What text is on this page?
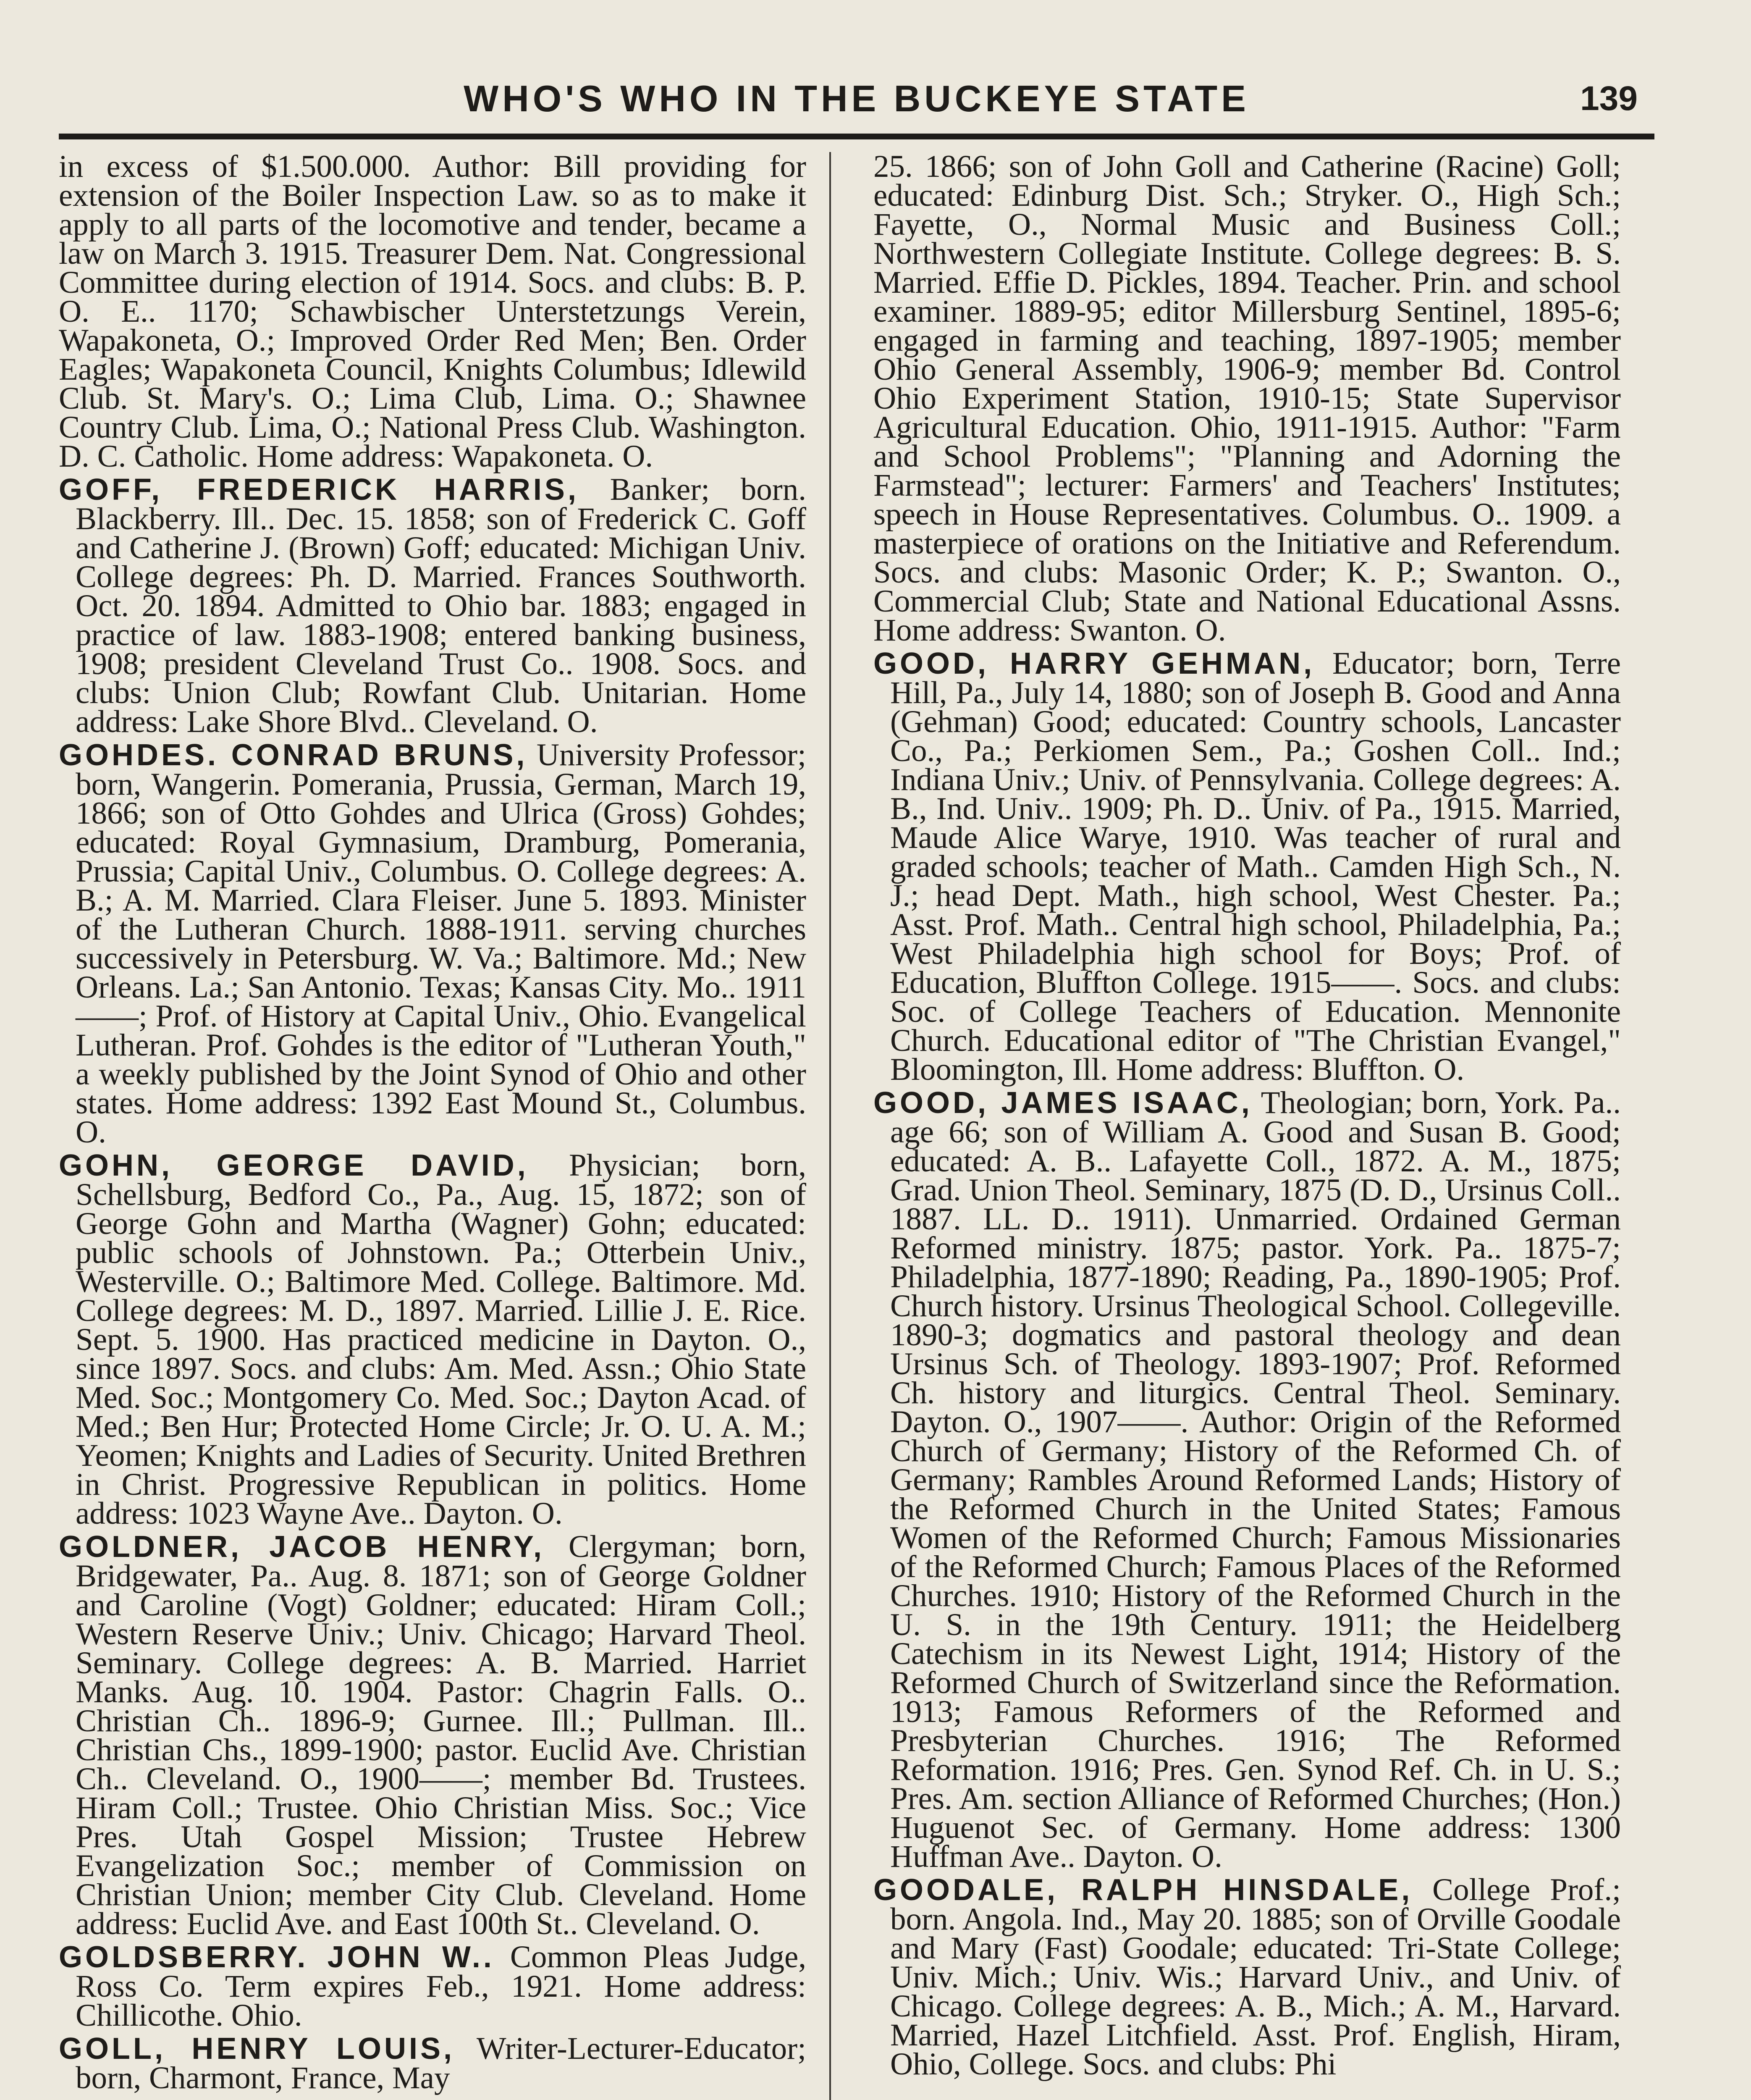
WHO'S WHO IN THE BUCKEYE STATE	139

in excess of $1.500.000. Author: Bill providing for extension of the Boiler Inspection Law. so as to make it apply to all parts of the locomotive and tender, became a law on March 3. 1915. Treasurer Dem. Nat. Congressional Committee during election of 1914. Socs. and clubs: B. P. O. E.. 1170; Schawbischer Unterstetzungs Verein, Wapakoneta, O.; Improved Order Red Men; Ben. Order Eagles; Wapakoneta Council, Knights Columbus; Idlewild Club. St. Mary's. O.; Lima Club, Lima. O.; Shawnee Country Club. Lima, O.; National Press Club. Washington. D. C. Catholic. Home address: Wapakoneta. O.

GOFF, FREDERICK HARRIS, Banker; born. Blackberry. Ill.. Dec. 15. 1858; son of Frederick C. Goff and Catherine J. (Brown) Goff; educated: Michigan Univ. College degrees: Ph. D. Married. Frances Southworth. Oct. 20. 1894. Admitted to Ohio bar. 1883; engaged in practice of law. 1883-1908; entered banking business, 1908; president Cleveland Trust Co.. 1908. Socs. and clubs: Union Club; Rowfant Club. Unitarian. Home address: Lake Shore Blvd.. Cleveland. O.

GOHDES. CONRAD BRUNS, University Professor; born, Wangerin. Pomerania, Prussia, German, March 19, 1866; son of Otto Gohdes and Ulrica (Gross) Gohdes; educated: Royal Gymnasium, Dramburg, Pomerania, Prussia; Capital Univ., Columbus. O. College degrees: A. B.; A. M. Married. Clara Fleiser. June 5. 1893. Minister of the Lutheran Church. 1888-1911. serving churches successively in Petersburg. W. Va.; Baltimore. Md.; New Orleans. La.; San Antonio. Texas; Kansas City. Mo.. 1911——; Prof. of History at Capital Univ., Ohio. Evangelical Lutheran. Prof. Gohdes is the editor of "Lutheran Youth," a weekly published by the Joint Synod of Ohio and other states. Home address: 1392 East Mound St., Columbus. O.

GOHN, GEORGE DAVID, Physician; born, Schellsburg, Bedford Co., Pa., Aug. 15, 1872; son of George Gohn and Martha (Wagner) Gohn; educated: public schools of Johnstown. Pa.; Otterbein Univ., Westerville. O.; Baltimore Med. College. Baltimore. Md. College degrees: M. D., 1897. Married. Lillie J. E. Rice. Sept. 5. 1900. Has practiced medicine in Dayton. O., since 1897. Socs. and clubs: Am. Med. Assn.; Ohio State Med. Soc.; Montgomery Co. Med. Soc.; Dayton Acad. of Med.; Ben Hur; Protected Home Circle; Jr. O. U. A. M.; Yeomen; Knights and Ladies of Security. United Brethren in Christ. Progressive Republican in politics. Home address: 1023 Wayne Ave.. Dayton. O.

GOLDNER, JACOB HENRY, Clergyman; born, Bridgewater, Pa.. Aug. 8. 1871; son of George Goldner and Caroline (Vogt) Goldner; educated: Hiram Coll.; Western Reserve Univ.; Univ. Chicago; Harvard Theol. Seminary. College degrees: A. B. Married. Harriet Manks. Aug. 10. 1904. Pastor: Chagrin Falls. O.. Christian Ch.. 1896-9; Gurnee. Ill.; Pullman. Ill.. Christian Chs., 1899-1900; pastor. Euclid Ave. Christian Ch.. Cleveland. O., 1900——; member Bd. Trustees. Hiram Coll.; Trustee. Ohio Christian Miss. Soc.; Vice Pres. Utah Gospel Mission; Trustee Hebrew Evangelization Soc.; member of Commission on Christian Union; member City Club. Cleveland. Home address: Euclid Ave. and East 100th St.. Cleveland. O.

GOLDSBERRY. JOHN W.. Common Pleas Judge, Ross Co. Term expires Feb., 1921. Home address: Chillicothe. Ohio.

GOLL, HENRY LOUIS, Writer-Lecturer-Educator; born, Charmont, France, May

25. 1866; son of John Goll and Catherine (Racine) Goll; educated: Edinburg Dist. Sch.; Stryker. O., High Sch.; Fayette, O., Normal Music and Business Coll.; Northwestern Collegiate Institute. College degrees: B. S. Married. Effie D. Pickles, 1894. Teacher. Prin. and school examiner. 1889-95; editor Millersburg Sentinel, 1895-6; engaged in farming and teaching, 1897-1905; member Ohio General Assembly, 1906-9; member Bd. Control Ohio Experiment Station, 1910-15; State Supervisor Agricultural Education. Ohio, 1911-1915. Author: "Farm and School Problems"; "Planning and Adorning the Farmstead"; lecturer: Farmers' and Teachers' Institutes; speech in House Representatives. Columbus. O.. 1909. a masterpiece of orations on the Initiative and Referendum. Socs. and clubs: Masonic Order; K. P.; Swanton. O., Commercial Club; State and National Educational Assns. Home address: Swanton. O.

GOOD, HARRY GEHMAN, Educator; born, Terre Hill, Pa., July 14, 1880; son of Joseph B. Good and Anna (Gehman) Good; educated: Country schools, Lancaster Co., Pa.; Perkiomen Sem., Pa.; Goshen Coll.. Ind.; Indiana Univ.; Univ. of Pennsylvania. College degrees: A. B., Ind. Univ.. 1909; Ph. D.. Univ. of Pa., 1915. Married, Maude Alice Warye, 1910. Was teacher of rural and graded schools; teacher of Math.. Camden High Sch., N. J.; head Dept. Math., high school, West Chester. Pa.; Asst. Prof. Math.. Central high school, Philadelphia, Pa.; West Philadelphia high school for Boys; Prof. of Education, Bluffton College. 1915——. Socs. and clubs: Soc. of College Teachers of Education. Mennonite Church. Educational editor of "The Christian Evangel," Bloomington, Ill. Home address: Bluffton. O.

GOOD, JAMES ISAAC, Theologian; born, York. Pa.. age 66; son of William A. Good and Susan B. Good; educated: A. B.. Lafayette Coll., 1872. A. M., 1875; Grad. Union Theol. Seminary, 1875 (D. D., Ursinus Coll.. 1887. LL. D.. 1911). Unmarried. Ordained German Reformed ministry. 1875; pastor. York. Pa.. 1875-7; Philadelphia, 1877-1890; Reading, Pa., 1890-1905; Prof. Church history. Ursinus Theological School. Collegeville. 1890-3; dogmatics and pastoral theology and dean Ursinus Sch. of Theology. 1893-1907; Prof. Reformed Ch. history and liturgics. Central Theol. Seminary. Dayton. O., 1907——. Author: Origin of the Reformed Church of Germany; History of the Reformed Ch. of Germany; Rambles Around Reformed Lands; History of the Reformed Church in the United States; Famous Women of the Reformed Church; Famous Missionaries of the Reformed Church; Famous Places of the Reformed Churches. 1910; History of the Reformed Church in the U. S. in the 19th Century. 1911; the Heidelberg Catechism in its Newest Light, 1914; History of the Reformed Church of Switzerland since the Reformation. 1913; Famous Reformers of the Reformed and Presbyterian Churches. 1916; The Reformed Reformation. 1916; Pres. Gen. Synod Ref. Ch. in U. S.; Pres. Am. section Alliance of Reformed Churches; (Hon.) Huguenot Sec. of Germany. Home address: 1300 Huffman Ave.. Dayton. O.

GOODALE, RALPH HINSDALE, College Prof.; born. Angola. Ind., May 20. 1885; son of Orville Goodale and Mary (Fast) Goodale; educated: Tri-State College; Univ. Mich.; Univ. Wis.; Harvard Univ., and Univ. of Chicago. College degrees: A. B., Mich.; A. M., Harvard. Married, Hazel Litchfield. Asst. Prof. English, Hiram, Ohio, College. Socs. and clubs: Phi
